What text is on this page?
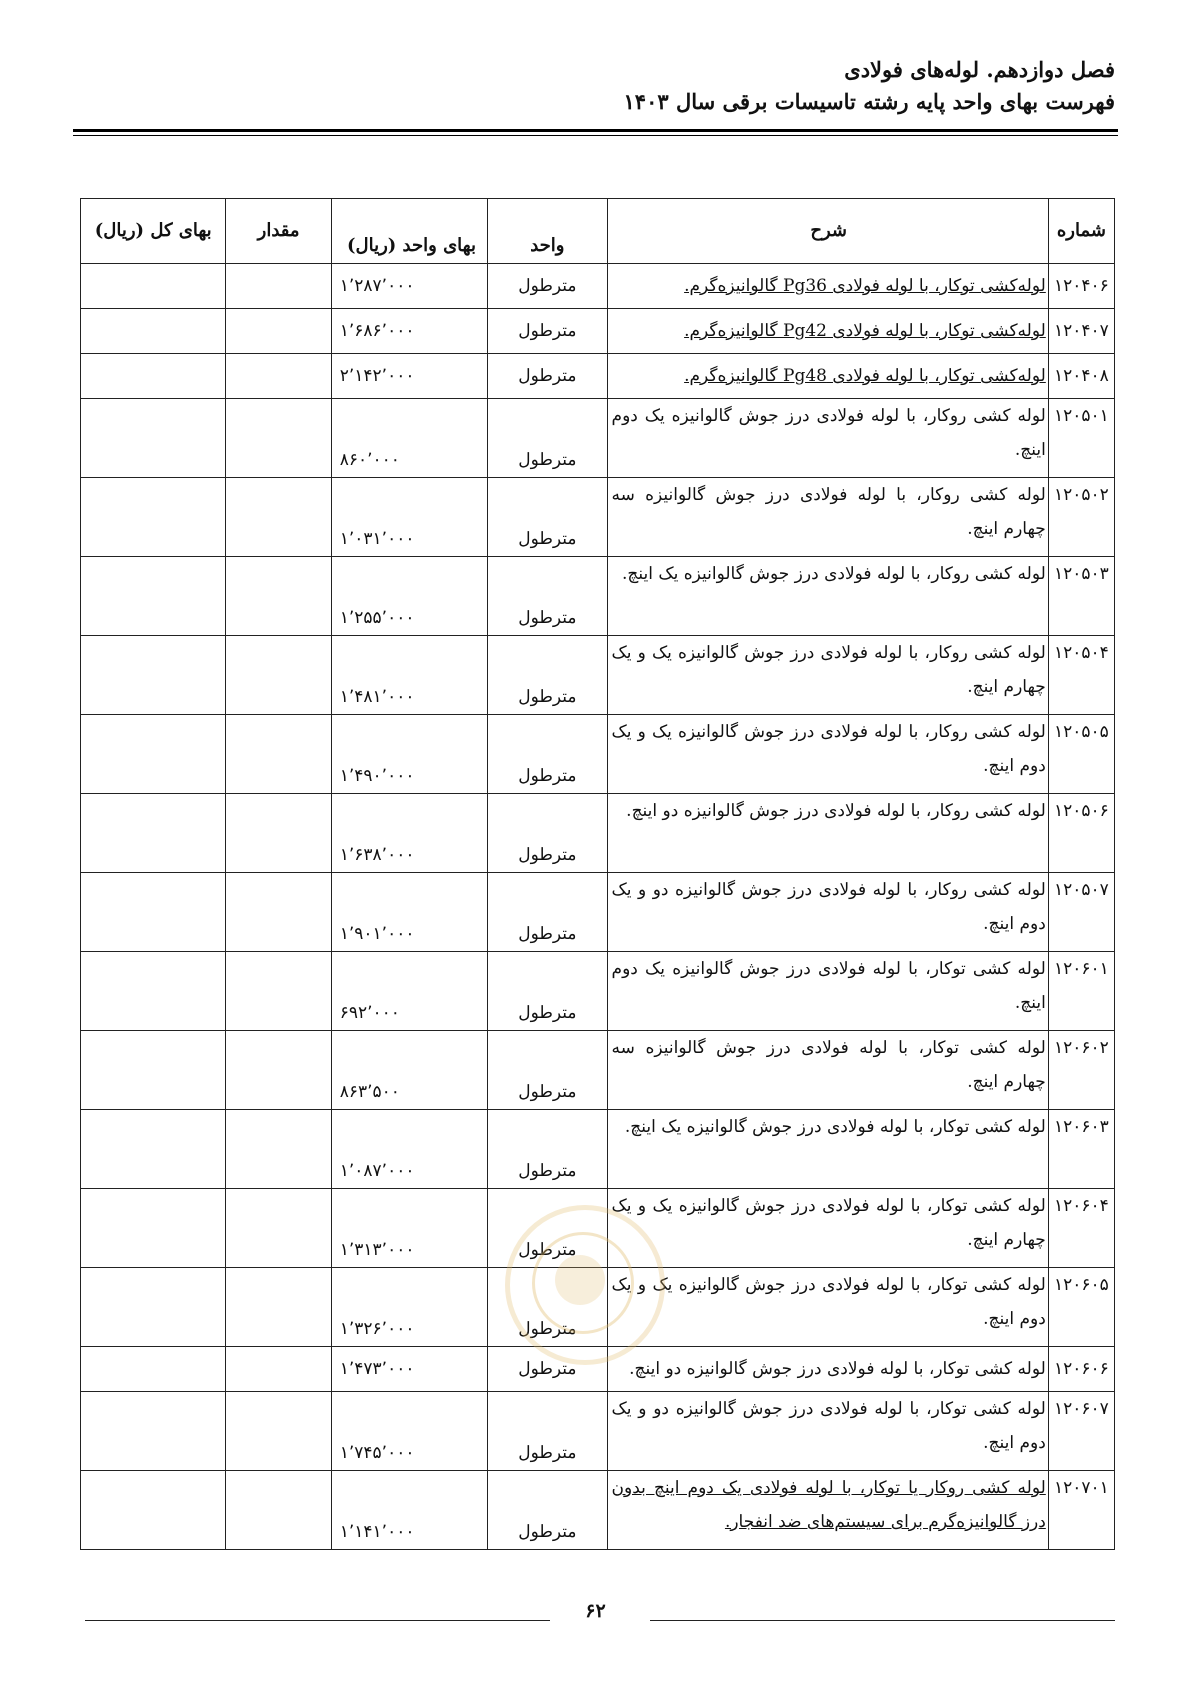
فصل دوازدهم. لوله‌های فولادی
فهرست بهای واحد پایه رشته تاسیسات برقی سال ۱۴۰۳
شماره	شرح	واحد	بهای واحد (ریال)	مقدار	بهای کل (ریال)
۱۲۰۴۰۶	لوله‌کشی توکار، با لوله فولادی Pg36 گالوانیزه‌گرم.	مترطول	۱٬۲۸۷٬۰۰۰		
۱۲۰۴۰۷	لوله‌کشی توکار، با لوله فولادی Pg42 گالوانیزه‌گرم.	مترطول	۱٬۶۸۶٬۰۰۰		
۱۲۰۴۰۸	لوله‌کشی توکار، با لوله فولادی Pg48 گالوانیزه‌گرم.	مترطول	۲٬۱۴۲٬۰۰۰		
۱۲۰۵۰۱	لوله کشی روکار، با لوله فولادی درز جوش گالوانیزه یک دوم اینچ.	مترطول	۸۶۰٬۰۰۰		
۱۲۰۵۰۲	لوله کشی روکار، با لوله فولادی درز جوش گالوانیزه سه چهارم اینچ.	مترطول	۱٬۰۳۱٬۰۰۰		
۱۲۰۵۰۳	لوله کشی روکار، با لوله فولادی درز جوش گالوانیزه یک اینچ.	مترطول	۱٬۲۵۵٬۰۰۰		
۱۲۰۵۰۴	لوله کشی روکار، با لوله فولادی درز جوش گالوانیزه یک و یک چهارم اینچ.	مترطول	۱٬۴۸۱٬۰۰۰		
۱۲۰۵۰۵	لوله کشی روکار، با لوله فولادی درز جوش گالوانیزه یک و یک دوم اینچ.	مترطول	۱٬۴۹۰٬۰۰۰		
۱۲۰۵۰۶	لوله کشی روکار، با لوله فولادی درز جوش گالوانیزه دو اینچ.	مترطول	۱٬۶۳۸٬۰۰۰		
۱۲۰۵۰۷	لوله کشی روکار، با لوله فولادی درز جوش گالوانیزه دو و یک دوم اینچ.	مترطول	۱٬۹۰۱٬۰۰۰		
۱۲۰۶۰۱	لوله کشی توکار، با لوله فولادی درز جوش گالوانیزه یک دوم اینچ.	مترطول	۶۹۲٬۰۰۰		
۱۲۰۶۰۲	لوله کشی توکار، با لوله فولادی درز جوش گالوانیزه سه چهارم اینچ.	مترطول	۸۶۳٬۵۰۰		
۱۲۰۶۰۳	لوله کشی توکار، با لوله فولادی درز جوش گالوانیزه یک اینچ.	مترطول	۱٬۰۸۷٬۰۰۰		
۱۲۰۶۰۴	لوله کشی توکار، با لوله فولادی درز جوش گالوانیزه یک و یک چهارم اینچ.	مترطول	۱٬۳۱۳٬۰۰۰		
۱۲۰۶۰۵	لوله کشی توکار، با لوله فولادی درز جوش گالوانیزه یک و یک دوم اینچ.	مترطول	۱٬۳۲۶٬۰۰۰		
۱۲۰۶۰۶	لوله کشی توکار، با لوله فولادی درز جوش گالوانیزه دو اینچ.	مترطول	۱٬۴۷۳٬۰۰۰		
۱۲۰۶۰۷	لوله کشی توکار، با لوله فولادی درز جوش گالوانیزه دو و یک دوم اینچ.	مترطول	۱٬۷۴۵٬۰۰۰		
۱۲۰۷۰۱	لوله کشی روکار یا توکار، با لوله فولادی یک دوم اینچ بدون درز گالوانیزه‌گرم برای سیستم‌های ضد انفجار.	مترطول	۱٬۱۴۱٬۰۰۰		
۶۲
